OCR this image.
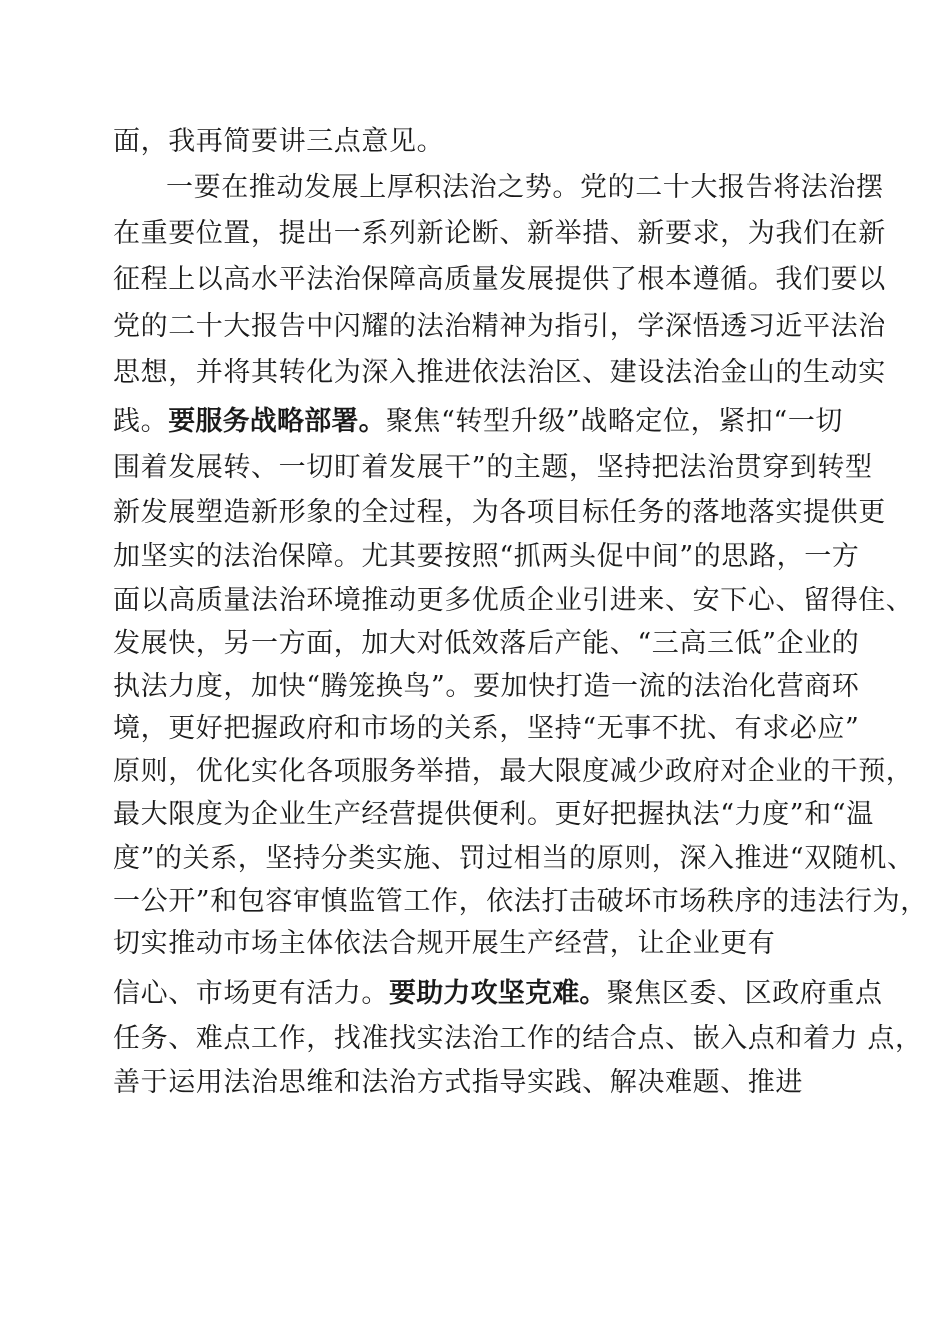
面，我再简要讲三点意见。
一要在推动发展上厚积法治之势。党的二十大报告将法治摆
在重要位置，提出一系列新论断、新举措、新要求，为我们在新
征程上以高水平法治保障高质量发展提供了根本遵循。我们要以
党的二十大报告中闪耀的法治精神为指引，学深悟透习近平法治
思想，并将其转化为深入推进依法治区、建设法治金山的生动实
践。要服务战略部署。聚焦“转型升级”战略定位，紧扣“一切
围着发展转、一切盯着发展干”的主题，坚持把法治贯穿到转型
新发展塑造新形象的全过程，为各项目标任务的落地落实提供更
加坚实的法治保障。尤其要按照“抓两头促中间”的思路，一方
面以高质量法治环境推动更多优质企业引进来、安下心、留得住、
发展快，另一方面，加大对低效落后产能、“三高三低”企业的
执法力度，加快“腾笼换鸟”。要加快打造一流的法治化营商环
境，更好把握政府和市场的关系，坚持“无事不扰、有求必应”
原则，优化实化各项服务举措，最大限度减少政府对企业的干预，
最大限度为企业生产经营提供便利。更好把握执法“力度”和“温
度”的关系，坚持分类实施、罚过相当的原则，深入推进“双随机、
一公开”和包容审慎监管工作，依法打击破坏市场秩序的违法行为，
切实推动市场主体依法合规开展生产经营，让企业更有
信心、市场更有活力。要助力攻坚克难。聚焦区委、区政府重点
任务、难点工作，找准找实法治工作的结合点、嵌入点和着力 点，
善于运用法治思维和法治方式指导实践、解决难题、推进
